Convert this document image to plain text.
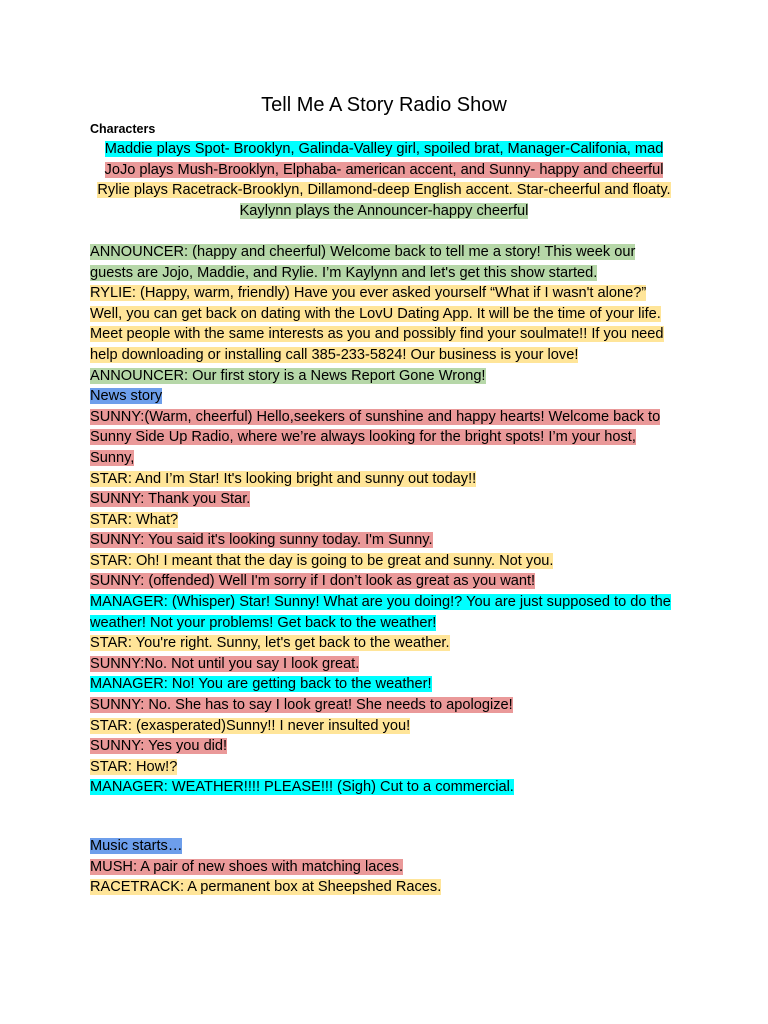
Tell Me A Story Radio Show

Characters

Maddie plays Spot- Brooklyn, Galinda-Valley girl, spoiled brat, Manager-Califonia, mad

JoJo plays Mush-Brooklyn, Elphaba- american accent, and Sunny- happy and cheerful

Rylie plays Racetrack-Brooklyn, Dillamond-deep English accent. Star-cheerful and floaty.

Kaylynn plays the Announcer-happy cheerful

ANNOUNCER: (happy and cheerful) Welcome back to tell me a story! This week our guests are Jojo, Maddie, and Rylie. I’m Kaylynn and let's get this show started.

RYLIE: (Happy, warm, friendly) Have you ever asked yourself “What if I wasn't alone?” Well, you can get back on dating with the LovU Dating App. It will be the time of your life. Meet people with the same interests as you and possibly find your soulmate!! If you need help downloading or installing call 385-233-5824! Our business is your love!

ANNOUNCER: Our first story is a News Report Gone Wrong!

News story

SUNNY:(Warm, cheerful) Hello,seekers of sunshine and happy hearts! Welcome back to Sunny Side Up Radio, where we’re always looking for the bright spots! I’m your host, Sunny,

STAR: And I’m Star! It's looking bright and sunny out today!!

SUNNY: Thank you Star.

STAR: What?

SUNNY: You said it's looking sunny today. I'm Sunny.

STAR: Oh! I meant that the day is going to be great and sunny. Not you.

SUNNY: (offended) Well I'm sorry if I don’t look as great as you want!

MANAGER: (Whisper) Star! Sunny! What are you doing!? You are just supposed to do the weather! Not your problems! Get back to the weather!

STAR: You're right. Sunny, let's get back to the weather.

SUNNY:No. Not until you say I look great.

MANAGER: No! You are getting back to the weather!

SUNNY: No. She has to say I look great! She needs to apologize!

STAR: (exasperated)Sunny!! I never insulted you!

SUNNY: Yes you did!

STAR: How!?

MANAGER: WEATHER!!!! PLEASE!!! (Sigh) Cut to a commercial.

Music starts…

MUSH: A pair of new shoes with matching laces.

RACETRACK: A permanent box at Sheepshed Races.
